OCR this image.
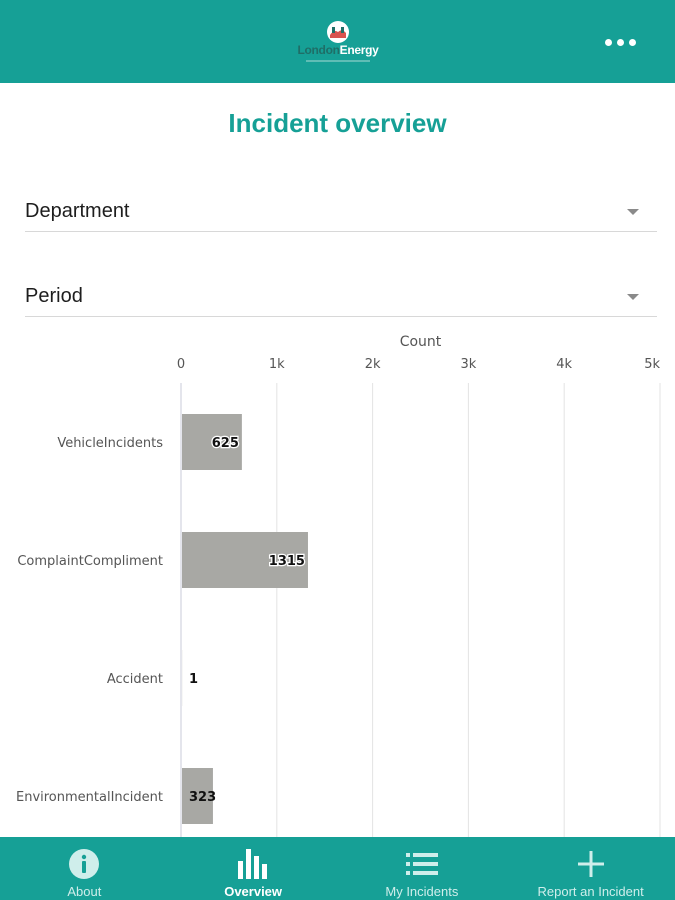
LondonEnergy
Incident overview
Department
Period
Count
0	1k	2k	3k	4k	5k
VehicleIncidents	625
ComplaintCompliment	1315
Accident 1
EnvironmentalIncident 323
About	Overview	My Incidents	Report an Incident
